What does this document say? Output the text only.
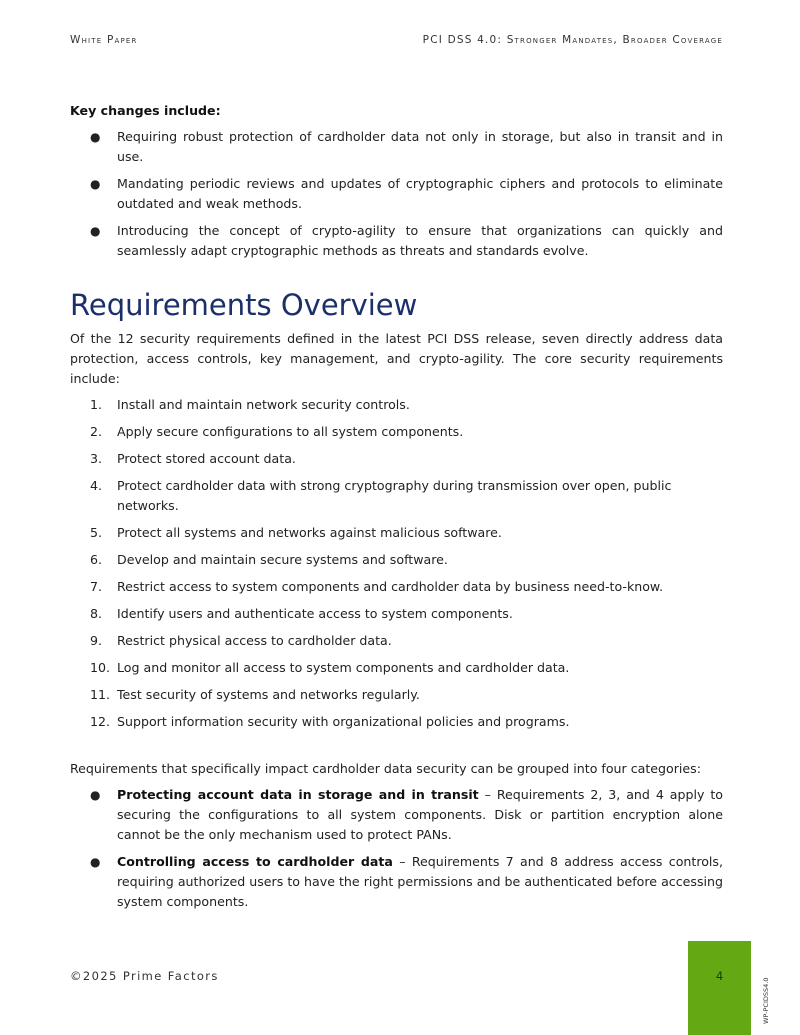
White Paper	PCI DSS 4.0: Stronger Mandates, Broader Coverage
Key changes include:
● Requiring robust protection of cardholder data not only in storage, but also in transit and in use.
● Mandating periodic reviews and updates of cryptographic ciphers and protocols to eliminate outdated and weak methods.
● Introducing the concept of crypto-agility to ensure that organizations can quickly and seamlessly adapt cryptographic methods as threats and standards evolve.
Requirements Overview

Of the 12 security requirements defined in the latest PCI DSS release, seven directly address data protection, access controls, key management, and crypto-agility. The core security requirements include:

1.	Install and maintain network security controls.
2.	Apply secure configurations to all system components.
3.	Protect stored account data.
4.	Protect cardholder data with strong cryptography during transmission over open, public networks.
5.	Protect all systems and networks against malicious software.
6.	Develop and maintain secure systems and software.
7.	Restrict access to system components and cardholder data by business need-to-know.
8.	Identify users and authenticate access to system components.
9.	Restrict physical access to cardholder data.
10. Log and monitor all access to system components and cardholder data.
11. Test security of systems and networks regularly.
12. Support information security with organizational policies and programs.

Requirements that specifically impact cardholder data security can be grouped into four categories:

● Protecting account data in storage and in transit – Requirements 2, 3, and 4 apply to securing the configurations to all system components. Disk or partition encryption alone cannot be the only mechanism used to protect PANs.
● Controlling access to cardholder data – Requirements 7 and 8 address access controls, requiring authorized users to have the right permissions and be authenticated before accessing system components.
©2025 Prime Factors	4
WP-PCIDSS4.0
